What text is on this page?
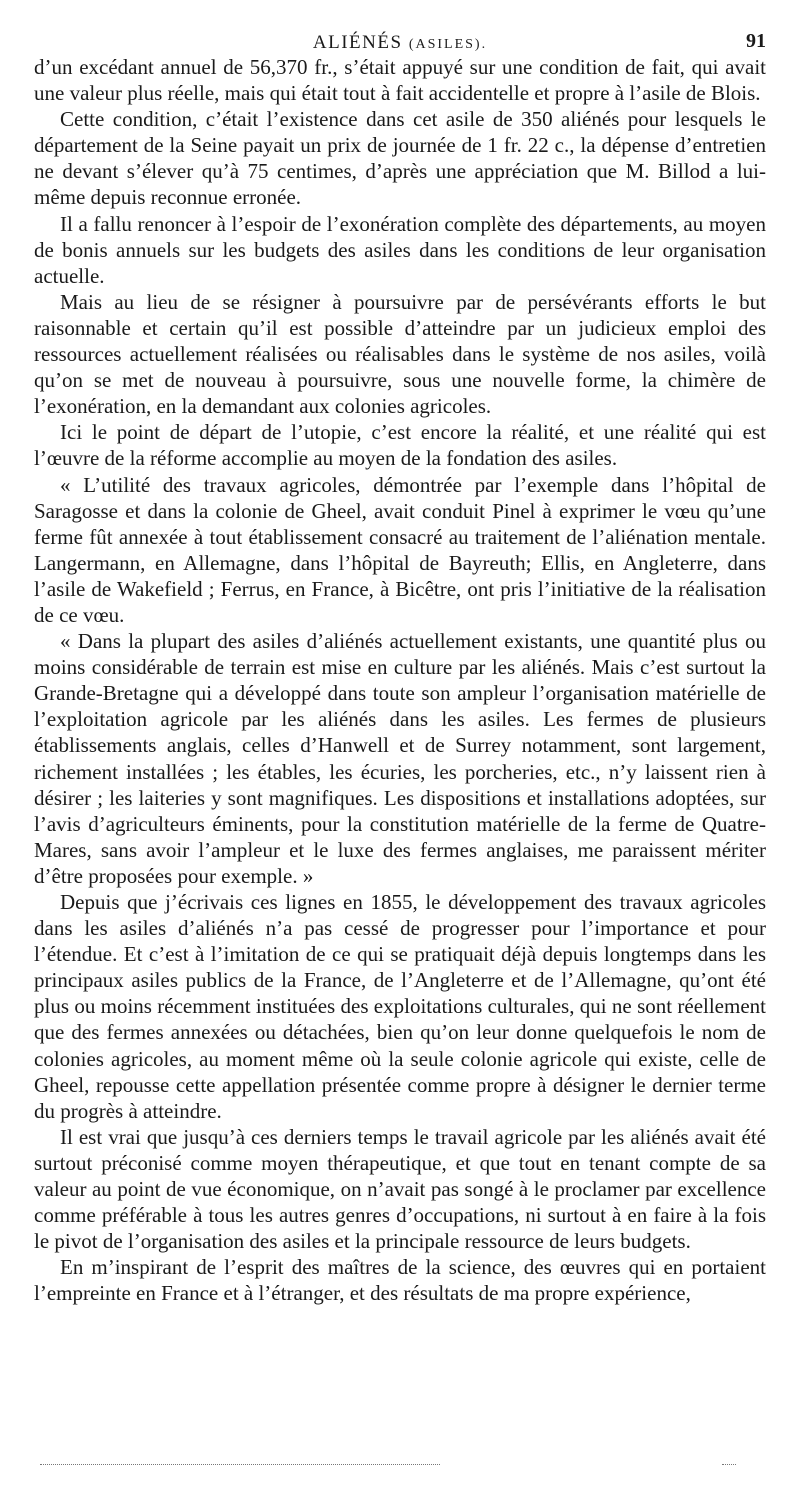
ALIÉNÉS (ASILES).	91

d’un excédant annuel de 56,370 fr., s’était appuyé sur une condition de fait, qui avait une valeur plus réelle, mais qui était tout à fait accidentelle et propre à l’asile de Blois.

Cette condition, c’était l’existence dans cet asile de 350 aliénés pour lesquels le département de la Seine payait un prix de journée de 1 fr. 22 c., la dépense d’entretien ne devant s’élever qu’à 75 centimes, d’après une appréciation que M. Billod a lui-même depuis reconnue erronée.

Il a fallu renoncer à l’espoir de l’exonération complète des départements, au moyen de bonis annuels sur les budgets des asiles dans les conditions de leur organisation actuelle.

Mais au lieu de se résigner à poursuivre par de persévérants efforts le but raisonnable et certain qu’il est possible d’atteindre par un judicieux emploi des ressources actuellement réalisées ou réalisables dans le système de nos asiles, voilà qu’on se met de nouveau à poursuivre, sous une nouvelle forme, la chimère de l’exonération, en la demandant aux colonies agricoles.

Ici le point de départ de l’utopie, c’est encore la réalité, et une réalité qui est l’œuvre de la réforme accomplie au moyen de la fondation des asiles.

« L’utilité des travaux agricoles, démontrée par l’exemple dans l’hôpital de Saragosse et dans la colonie de Gheel, avait conduit Pinel à exprimer le vœu qu’une ferme fût annexée à tout établissement consacré au traitement de l’aliénation mentale. Langermann, en Allemagne, dans l’hôpital de Bayreuth; Ellis, en Angleterre, dans l’asile de Wakefield ; Ferrus, en France, à Bicêtre, ont pris l’initiative de la réalisation de ce vœu.

« Dans la plupart des asiles d’aliénés actuellement existants, une quantité plus ou moins considérable de terrain est mise en culture par les aliénés. Mais c’est surtout la Grande-Bretagne qui a développé dans toute son ampleur l’organisation matérielle de l’exploitation agricole par les aliénés dans les asiles. Les fermes de plusieurs établissements anglais, celles d’Hanwell et de Surrey notamment, sont largement, richement installées ; les étables, les écuries, les porcheries, etc., n’y laissent rien à désirer ; les laiteries y sont magnifiques. Les dispositions et installations adoptées, sur l’avis d’agriculteurs éminents, pour la constitution matérielle de la ferme de Quatre-Mares, sans avoir l’ampleur et le luxe des fermes anglaises, me paraissent mériter d’être proposées pour exemple. »

Depuis que j’écrivais ces lignes en 1855, le développement des travaux agricoles dans les asiles d’aliénés n’a pas cessé de progresser pour l’importance et pour l’étendue. Et c’est à l’imitation de ce qui se pratiquait déjà depuis longtemps dans les principaux asiles publics de la France, de l’Angleterre et de l’Allemagne, qu’ont été plus ou moins récemment instituées des exploitations culturales, qui ne sont réellement que des fermes annexées ou détachées, bien qu’on leur donne quelquefois le nom de colonies agricoles, au moment même où la seule colonie agricole qui existe, celle de Gheel, repousse cette appellation présentée comme propre à désigner le dernier terme du progrès à atteindre.

Il est vrai que jusqu’à ces derniers temps le travail agricole par les aliénés avait été surtout préconisé comme moyen thérapeutique, et que tout en tenant compte de sa valeur au point de vue économique, on n’avait pas songé à le proclamer par excellence comme préférable à tous les autres genres d’occupations, ni surtout à en faire à la fois le pivot de l’organisation des asiles et la principale ressource de leurs budgets.

En m’inspirant de l’esprit des maîtres de la science, des œuvres qui en portaient l’empreinte en France et à l’étranger, et des résultats de ma propre expérience,
